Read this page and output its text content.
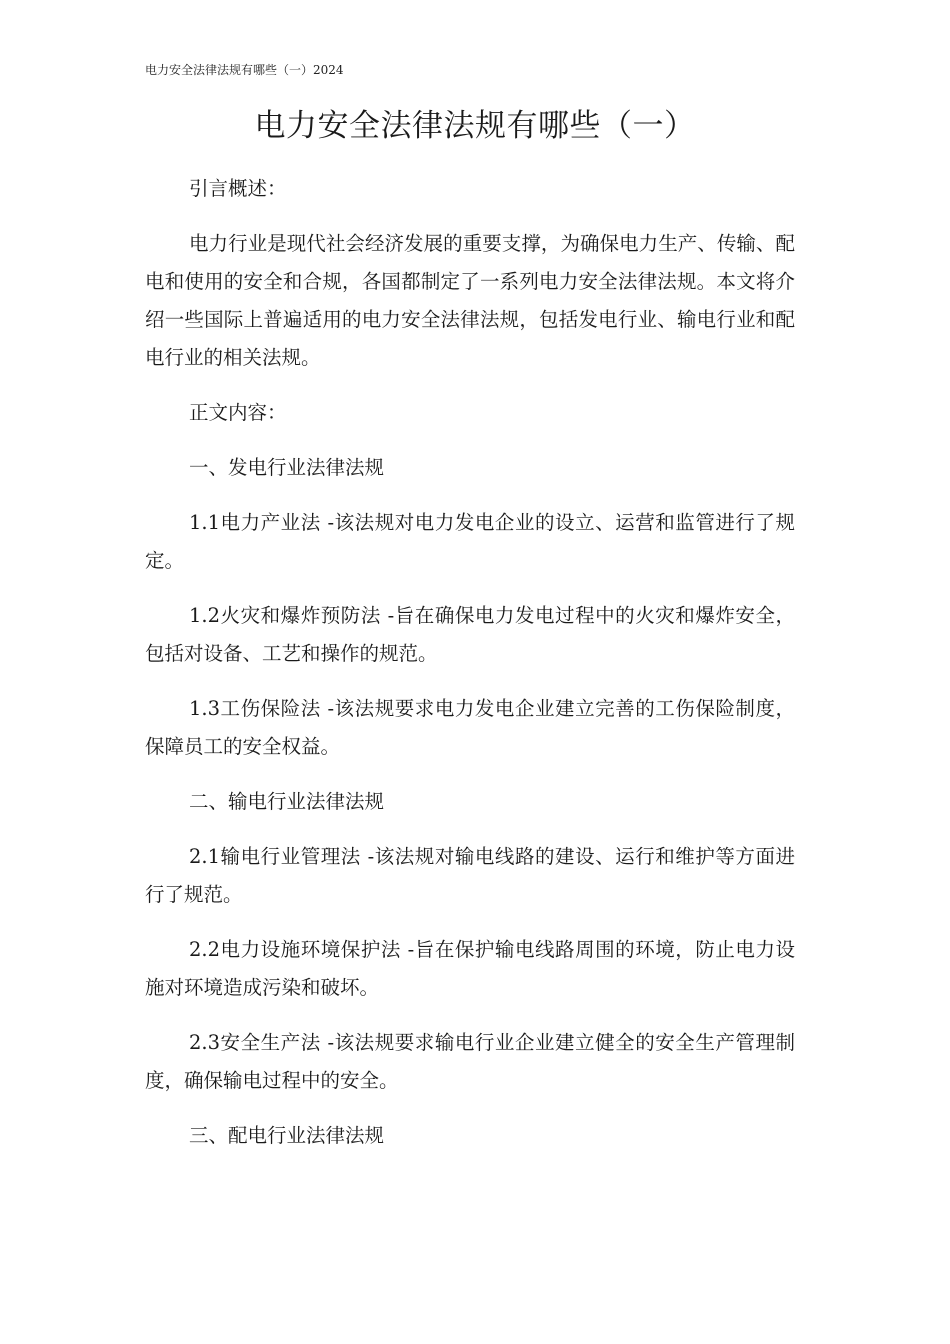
电力安全法律法规有哪些（一）2024
电力安全法律法规有哪些（一）

引言概述：

电力行业是现代社会经济发展的重要支撑，为确保电力生产、传输、配电和使用的安全和合规，各国都制定了一系列电力安全法律法规。本文将介绍一些国际上普遍适用的电力安全法律法规，包括发电行业、输电行业和配电行业的相关法规。

正文内容：

一、发电行业法律法规

1.1电力产业法 -该法规对电力发电企业的设立、运营和监管进行了规定。

1.2火灾和爆炸预防法 -旨在确保电力发电过程中的火灾和爆炸安全，包括对设备、工艺和操作的规范。

1.3工伤保险法 -该法规要求电力发电企业建立完善的工伤保险制度，保障员工的安全权益。

二、输电行业法律法规

2.1输电行业管理法 -该法规对输电线路的建设、运行和维护等方面进行了规范。

2.2电力设施环境保护法 -旨在保护输电线路周围的环境，防止电力设施对环境造成污染和破坏。

2.3安全生产法 -该法规要求输电行业企业建立健全的安全生产管理制度，确保输电过程中的安全。

三、配电行业法律法规
